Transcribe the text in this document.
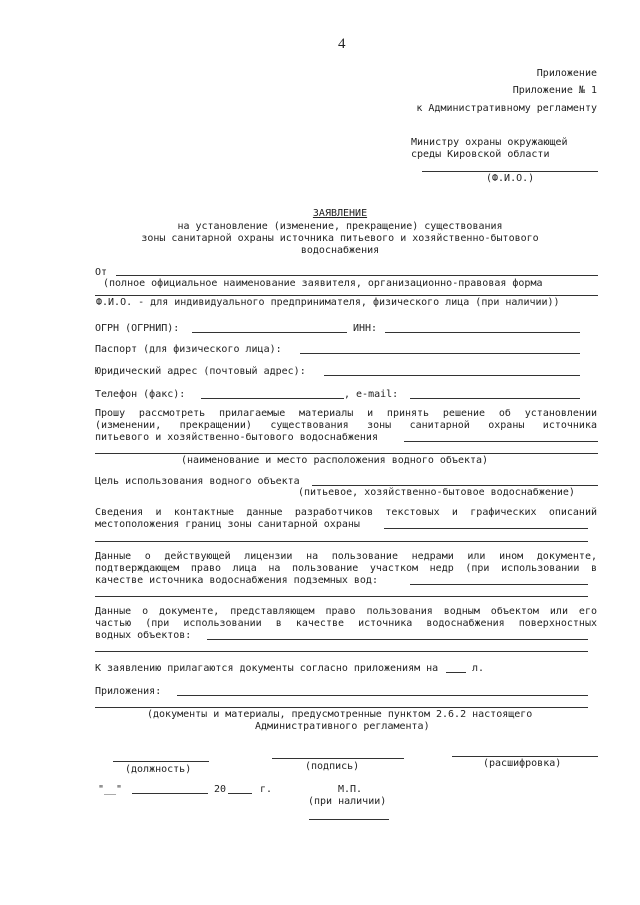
4
Приложение
Приложение № 1
к Административному регламенту
Министру охраны окружающей
среды Кировской области
(Ф.И.О.)
ЗАЯВЛЕНИЕ
на установление (изменение, прекращение) существования
зоны санитарной охраны источника питьевого и хозяйственно-бытового
водоснабжения
От
(полное официальное наименование заявителя, организационно-правовая форма
Ф.И.О. - для индивидуального предпринимателя, физического лица (при наличии))
ОГРН (ОГРНИП):	ИНН:
Паспорт (для физического лица):
Юридический адрес (почтовый адрес):
Телефон (факс):	, e-mail:
Прошу рассмотреть прилагаемые материалы и принять решение об установлении
(изменении, прекращении) существования зоны санитарной охраны источника
питьевого и хозяйственно-бытового водоснабжения
(наименование и место расположения водного объекта)
Цель использования водного объекта
(питьевое, хозяйственно-бытовое водоснабжение)
Сведения и контактные данные разработчиков текстовых и графических описаний
местоположения границ зоны санитарной охраны
Данные о действующей лицензии на пользование недрами или ином документе,
подтверждающем право лица на пользование участком недр (при использовании в
качестве источника водоснабжения подземных вод:
Данные о документе, представляющем право пользования водным объектом или его
частью (при использовании в качестве источника водоснабжения поверхностных
водных объектов:
К заявлению прилагаются документы согласно приложениям на	л.
Приложения:
(документы и материалы, предусмотренные пунктом 2.6.2 настоящего
Административного регламента)
(должность)	(подпись)	(расшифровка)
"__"	20	г.	М.П.
(при наличии)
